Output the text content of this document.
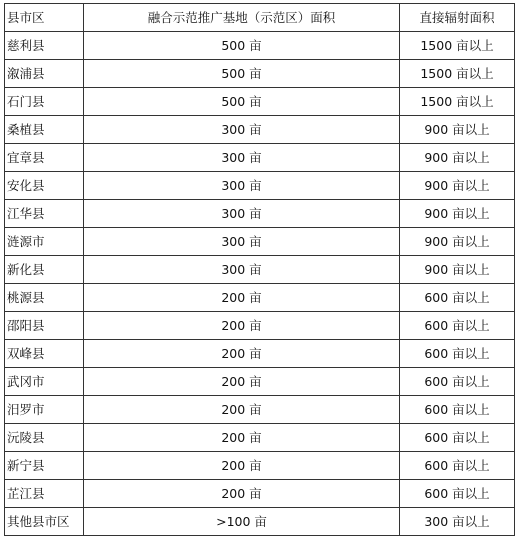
县市区	融合示范推广基地（示范区）面积	直接辐射面积
慈利县	500 亩	1500 亩以上
溆浦县	500 亩	1500 亩以上
石门县	500 亩	1500 亩以上
桑植县	300 亩	900 亩以上
宜章县	300 亩	900 亩以上
安化县	300 亩	900 亩以上
江华县	300 亩	900 亩以上
涟源市	300 亩	900 亩以上
新化县	300 亩	900 亩以上
桃源县	200 亩	600 亩以上
邵阳县	200 亩	600 亩以上
双峰县	200 亩	600 亩以上
武冈市	200 亩	600 亩以上
汨罗市	200 亩	600 亩以上
沅陵县	200 亩	600 亩以上
新宁县	200 亩	600 亩以上
芷江县	200 亩	600 亩以上
其他县市区	>100 亩	300 亩以上
